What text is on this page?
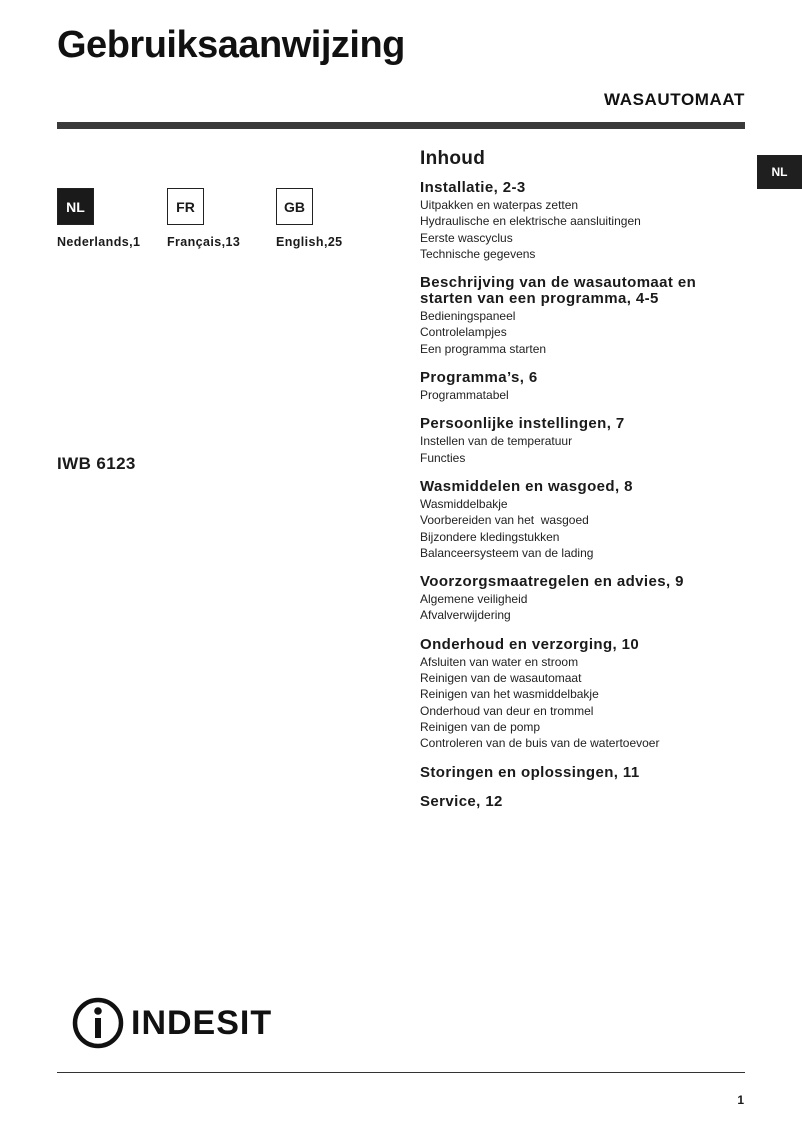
Gebruiksaanwijzing
WASAUTOMAAT
NL
NL
Nederlands,1
FR
Français,13
GB
English,25
IWB 6123
Inhoud
Installatie, 2-3
Uitpakken en waterpas zetten
Hydraulische en elektrische aansluitingen
Eerste wascyclus
Technische gegevens
Beschrijving van de wasautomaat en starten van een programma, 4-5
Bedieningspaneel
Controlelampjes
Een programma starten
Programma’s, 6
Programmatabel
Persoonlijke instellingen, 7
Instellen van de temperatuur
Functies
Wasmiddelen en wasgoed, 8
Wasmiddelbakje
Voorbereiden van het  wasgoed
Bijzondere kledingstukken
Balanceersysteem van de lading
Voorzorgsmaatregelen en advies, 9
Algemene veiligheid
Afvalverwijdering
Onderhoud en verzorging, 10
Afsluiten van water en stroom
Reinigen van de wasautomaat
Reinigen van het wasmiddelbakje
Onderhoud van deur en trommel
Reinigen van de pomp
Controleren van de buis van de watertoevoer
Storingen en oplossingen, 11
Service, 12
INDESIT
1
